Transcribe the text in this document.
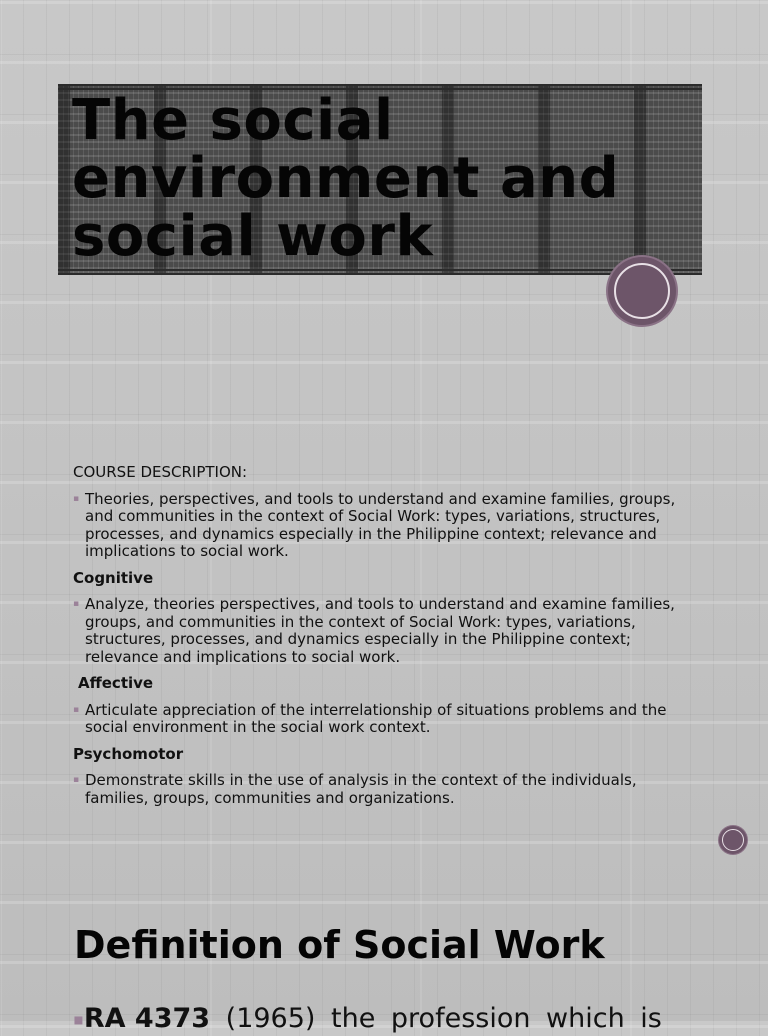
The social
environment and
social work

COURSE DESCRIPTION:

▪ Theories, perspectives, and tools to understand and examine families, groups, and communities in the context of Social Work: types, variations, structures, processes, and dynamics especially in the Philippine context; relevance and implications to social work.

Cognitive

▪ Analyze, theories perspectives, and tools to understand and examine families, groups, and communities in the context of Social Work: types, variations, structures, processes, and dynamics especially in the Philippine context; relevance and implications to social work.

Affective

▪ Articulate appreciation of the interrelationship of situations problems and the social environment in the social work context.

Psychomotor

▪ Demonstrate skills in the use of analysis in the context of the individuals, families, groups, communities and organizations.
Definition of Social Work

▪RA 4373 (1965) the profession which is
